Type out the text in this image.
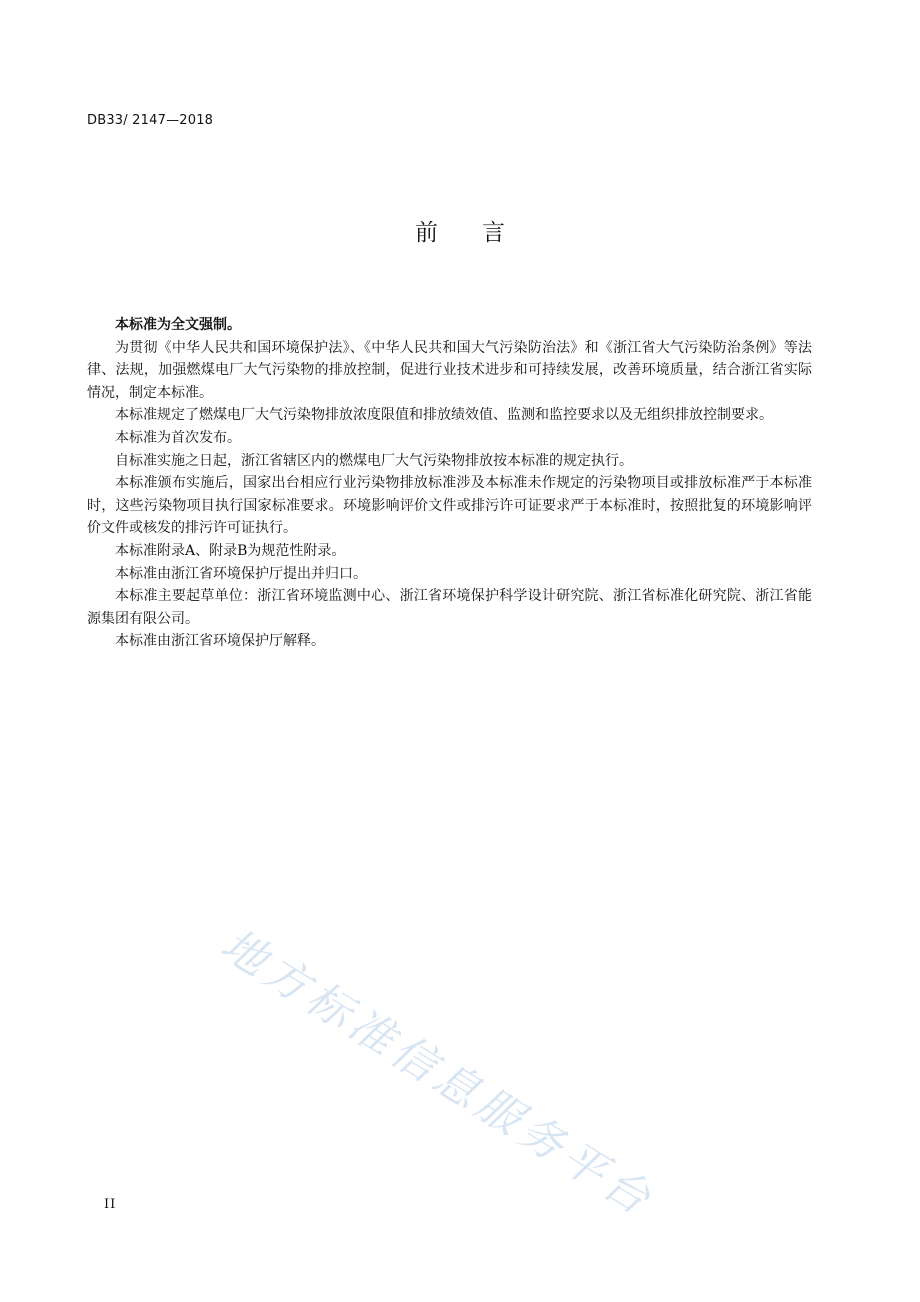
DB33/ 2147—2018
前言

本标准为全文强制。

为贯彻《中华人民共和国环境保护法》、《中华人民共和国大气污染防治法》和《浙江省大气污染防治条例》等法律、法规，加强燃煤电厂大气污染物的排放控制，促进行业技术进步和可持续发展，改善环境质量，结合浙江省实际情况，制定本标准。

本标准规定了燃煤电厂大气污染物排放浓度限值和排放绩效值、监测和监控要求以及无组织排放控制要求。

本标准为首次发布。

自标准实施之日起，浙江省辖区内的燃煤电厂大气污染物排放按本标准的规定执行。

本标准颁布实施后，国家出台相应行业污染物排放标准涉及本标准未作规定的污染物项目或排放标准严于本标准时，这些污染物项目执行国家标准要求。环境影响评价文件或排污许可证要求严于本标准时，按照批复的环境影响评价文件或核发的排污许可证执行。

本标准附录A、附录B为规范性附录。

本标准由浙江省环境保护厅提出并归口。

本标准主要起草单位：浙江省环境监测中心、浙江省环境保护科学设计研究院、浙江省标准化研究院、浙江省能源集团有限公司。

本标准由浙江省环境保护厅解释。

地方标准信息服务平台
II
